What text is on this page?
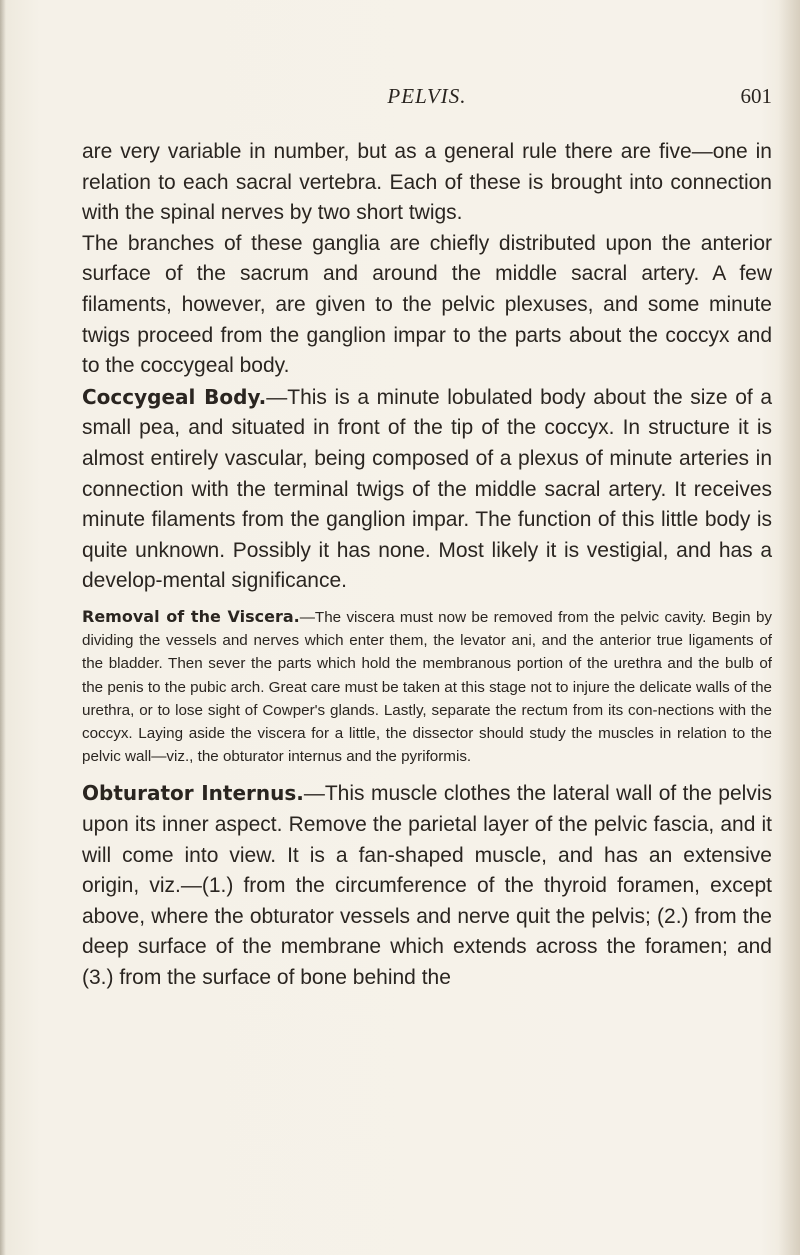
PELVIS.	601

are very variable in number, but as a general rule there are five—one in relation to each sacral vertebra. Each of these is brought into connection with the spinal nerves by two short twigs.

The branches of these ganglia are chiefly distributed upon the anterior surface of the sacrum and around the middle sacral artery. A few filaments, however, are given to the pelvic plexuses, and some minute twigs proceed from the ganglion impar to the parts about the coccyx and to the coccygeal body.

Coccygeal Body.—This is a minute lobulated body about the size of a small pea, and situated in front of the tip of the coccyx. In structure it is almost entirely vascular, being composed of a plexus of minute arteries in connection with the terminal twigs of the middle sacral artery. It receives minute filaments from the ganglion impar. The function of this little body is quite unknown. Possibly it has none. Most likely it is vestigial, and has a develop-mental significance.

Removal of the Viscera.—The viscera must now be removed from the pelvic cavity. Begin by dividing the vessels and nerves which enter them, the levator ani, and the anterior true ligaments of the bladder. Then sever the parts which hold the membranous portion of the urethra and the bulb of the penis to the pubic arch. Great care must be taken at this stage not to injure the delicate walls of the urethra, or to lose sight of Cowper's glands. Lastly, separate the rectum from its con-nections with the coccyx. Laying aside the viscera for a little, the dissector should study the muscles in relation to the pelvic wall—viz., the obturator internus and the pyriformis.

Obturator Internus.—This muscle clothes the lateral wall of the pelvis upon its inner aspect. Remove the parietal layer of the pelvic fascia, and it will come into view. It is a fan-shaped muscle, and has an extensive origin, viz.—(1.) from the circumference of the thyroid foramen, except above, where the obturator vessels and nerve quit the pelvis; (2.) from the deep surface of the membrane which extends across the foramen; and (3.) from the surface of bone behind the
